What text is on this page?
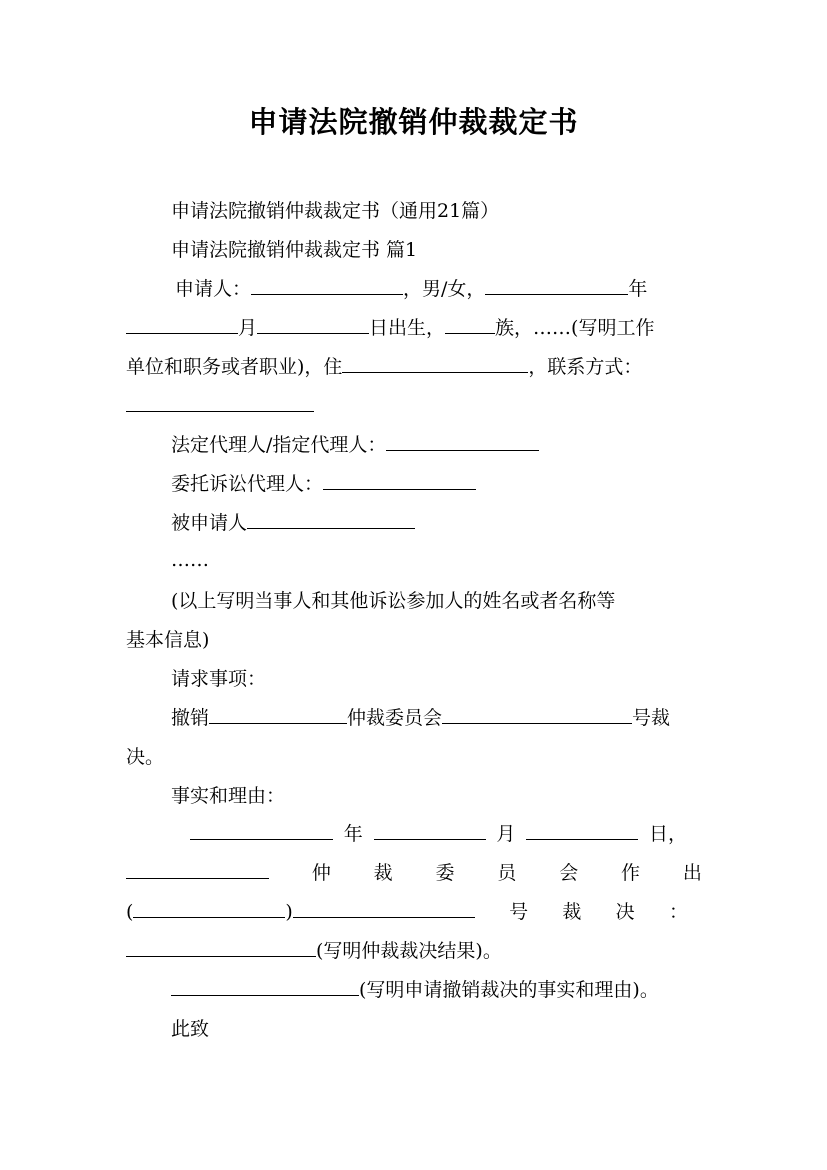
申请法院撤销仲裁裁定书
申请法院撤销仲裁裁定书（通用21篇）
申请法院撤销仲裁裁定书 篇1
申请人：	，男/女，	年
月	日出生，	族，……(写明工作
单位和职务或者职业)，住	，联系方式：
法定代理人/指定代理人：
委托诉讼代理人：
被申请人
……
(以上写明当事人和其他诉讼参加人的姓名或者名称等
基本信息)
请求事项：
撤销	仲裁委员会	号裁
决。
事实和理由：
年	月	日，
仲 裁 委 员 会 作 出
(	)	号 裁 决 ：
(写明仲裁裁决结果)。
(写明申请撤销裁决的事实和理由)。
此致
